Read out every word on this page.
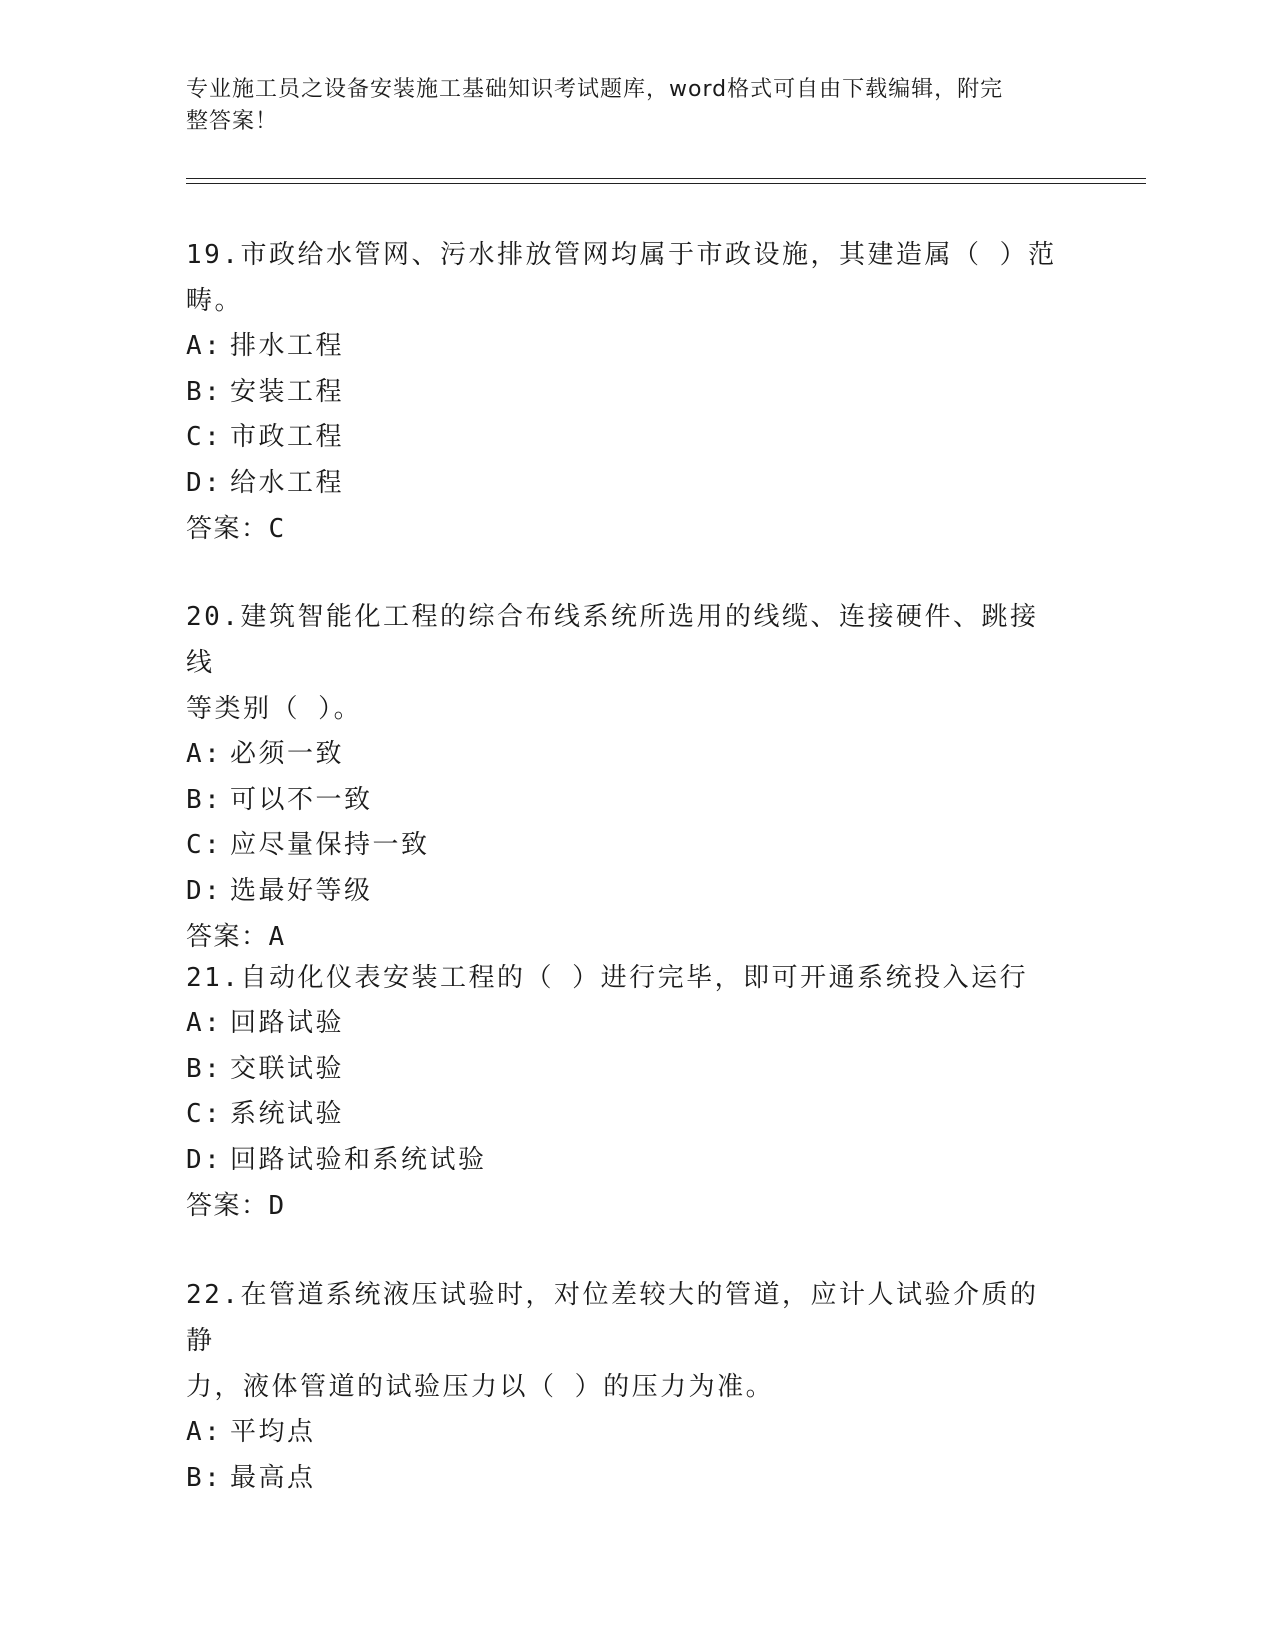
专业施工员之设备安装施工基础知识考试题库，word格式可自由下载编辑，附完
整答案！

19.市政给水管网、污水排放管网均属于市政设施，其建造属（ ）范

畴。

A: 排水工程

B: 安装工程

C: 市政工程

D: 给水工程

答案：C

20.建筑智能化工程的综合布线系统所选用的线缆、连接硬件、跳接线

等类别（ ）。

A: 必须一致

B: 可以不一致

C: 应尽量保持一致

D: 选最好等级

答案：A

21.自动化仪表安装工程的（ ）进行完毕，即可开通系统投入运行

A: 回路试验

B: 交联试验

C: 系统试验

D: 回路试验和系统试验

答案：D

22.在管道系统液压试验时，对位差较大的管道，应计人试验介质的静

力，液体管道的试验压力以（ ）的压力为准。

A: 平均点

B: 最高点
